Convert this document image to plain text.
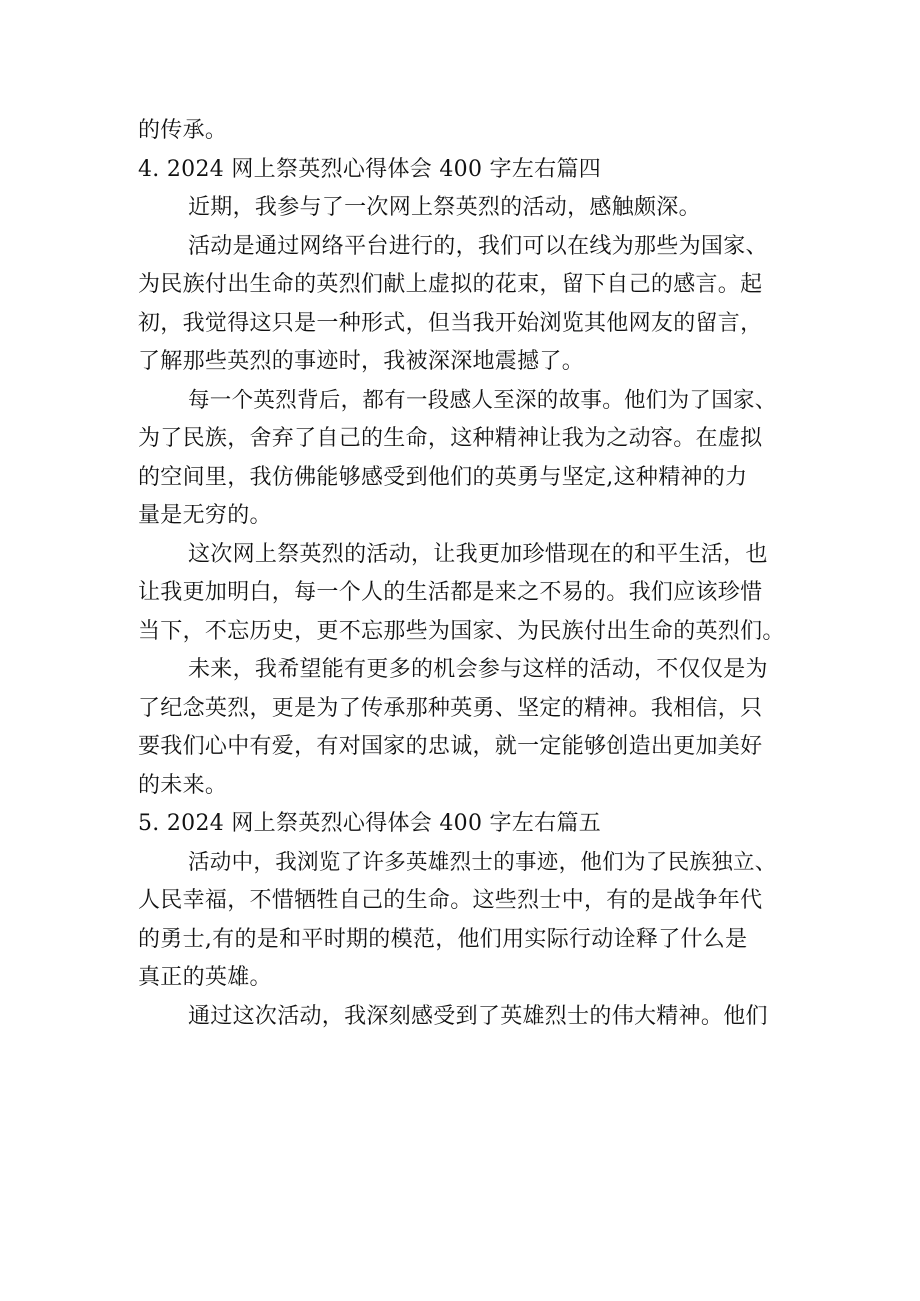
的传承。
4. 2024 网上祭英烈心得体会 400 字左右篇四
近期，我参与了一次网上祭英烈的活动，感触颇深。
活动是通过网络平台进行的，我们可以在线为那些为国家、
为民族付出生命的英烈们献上虚拟的花束，留下自己的感言。起
初，我觉得这只是一种形式，但当我开始浏览其他网友的留言，
了解那些英烈的事迹时，我被深深地震撼了。
每一个英烈背后，都有一段感人至深的故事。他们为了国家、
为了民族，舍弃了自己的生命，这种精神让我为之动容。在虚拟
的空间里，我仿佛能够感受到他们的英勇与坚定,这种精神的力
量是无穷的。
这次网上祭英烈的活动，让我更加珍惜现在的和平生活，也
让我更加明白，每一个人的生活都是来之不易的。我们应该珍惜
当下，不忘历史，更不忘那些为国家、为民族付出生命的英烈们。
未来，我希望能有更多的机会参与这样的活动，不仅仅是为
了纪念英烈，更是为了传承那种英勇、坚定的精神。我相信，只
要我们心中有爱，有对国家的忠诚，就一定能够创造出更加美好
的未来。
5. 2024 网上祭英烈心得体会 400 字左右篇五
活动中，我浏览了许多英雄烈士的事迹，他们为了民族独立、
人民幸福，不惜牺牲自己的生命。这些烈士中，有的是战争年代
的勇士,有的是和平时期的模范，他们用实际行动诠释了什么是
真正的英雄。
通过这次活动，我深刻感受到了英雄烈士的伟大精神。他们
